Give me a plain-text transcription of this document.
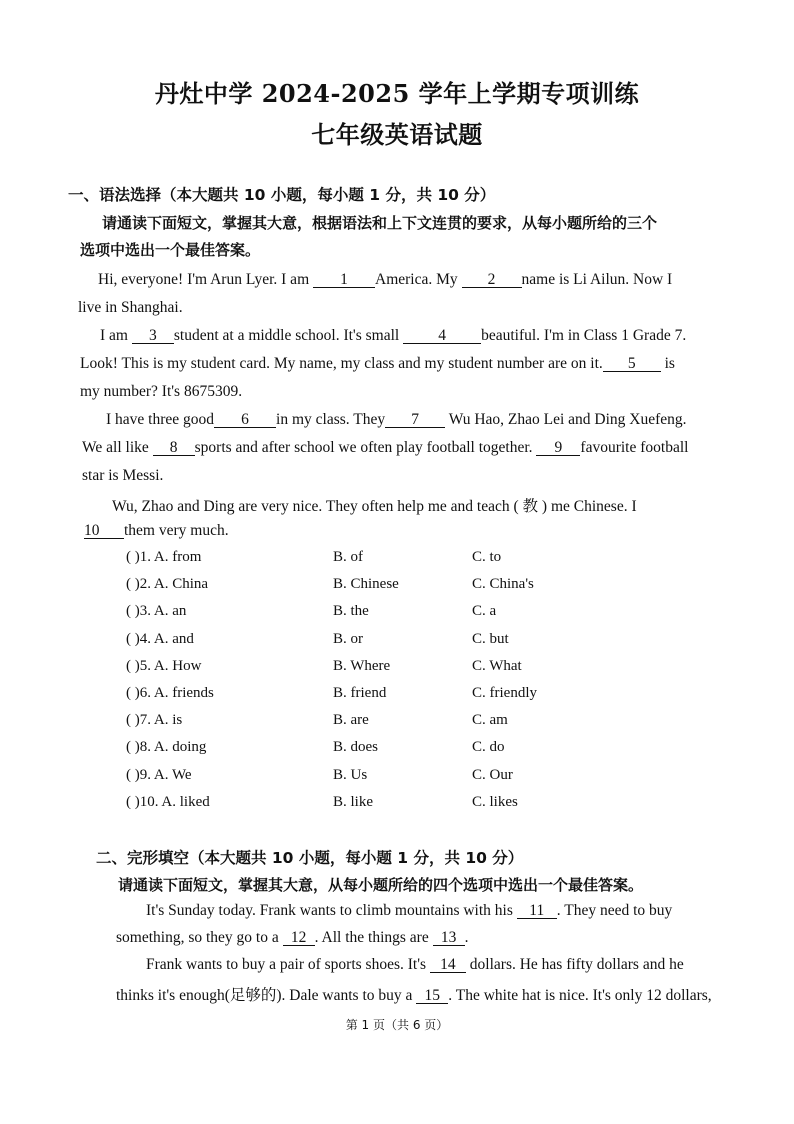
丹灶中学 2024-2025 学年上学期专项训练
七年级英语试题
一、语法选择（本大题共 10 小题，每小题 1 分，共 10 分）
请通读下面短文，掌握其大意，根据语法和上下文连贯的要求，从每小题所给的三个
选项中选出一个最佳答案。
Hi, everyone! I'm Arun Lyer. I am 1 America. My 2 name is Li Ailun. Now I
live in Shanghai.
I am 3 student at a middle school. It's small	4 beautiful. I'm in Class 1 Grade 7.
Look! This is my student card. My name, my class and my student number are on it. 5 is
my number? It's 8675309.
I have three good 6 in my class. They 7 Wu Hao, Zhao Lei and Ding Xuefeng.
We all like 8 sports and after school we often play football together. 9 favourite football
star is Messi.
Wu, Zhao and Ding are very nice. They often help me and teach ( 教 ) me Chinese. I
10 them very much.
( )1. A. from	B. of	C. to
( )2. A. China	B. Chinese	C. China's
( )3. A. an	B. the	C. a
( )4. A. and	B. or	C. but
( )5. A. How	B. Where	C. What
( )6. A. friends	B. friend	C. friendly
( )7. A. is	B. are	C. am
( )8. A. doing	B. does	C. do
( )9. A. We	B. Us	C. Our
( )10. A. liked	B. like	C. likes
二、完形填空（本大题共 10 小题，每小题 1 分，共 10 分）
请通读下面短文，掌握其大意，从每小题所给的四个选项中选出一个最佳答案。
It's Sunday today. Frank wants to climb mountains with his 11 . They need to buy
something, so they go to a 12 . All the things are 13 .
Frank wants to buy a pair of sports shoes. It's 14 dollars. He has fifty dollars and he
thinks it's enough(足够的). Dale wants to buy a 15 . The white hat is nice. It's only 12 dollars,
第 1 页（共 6 页）
